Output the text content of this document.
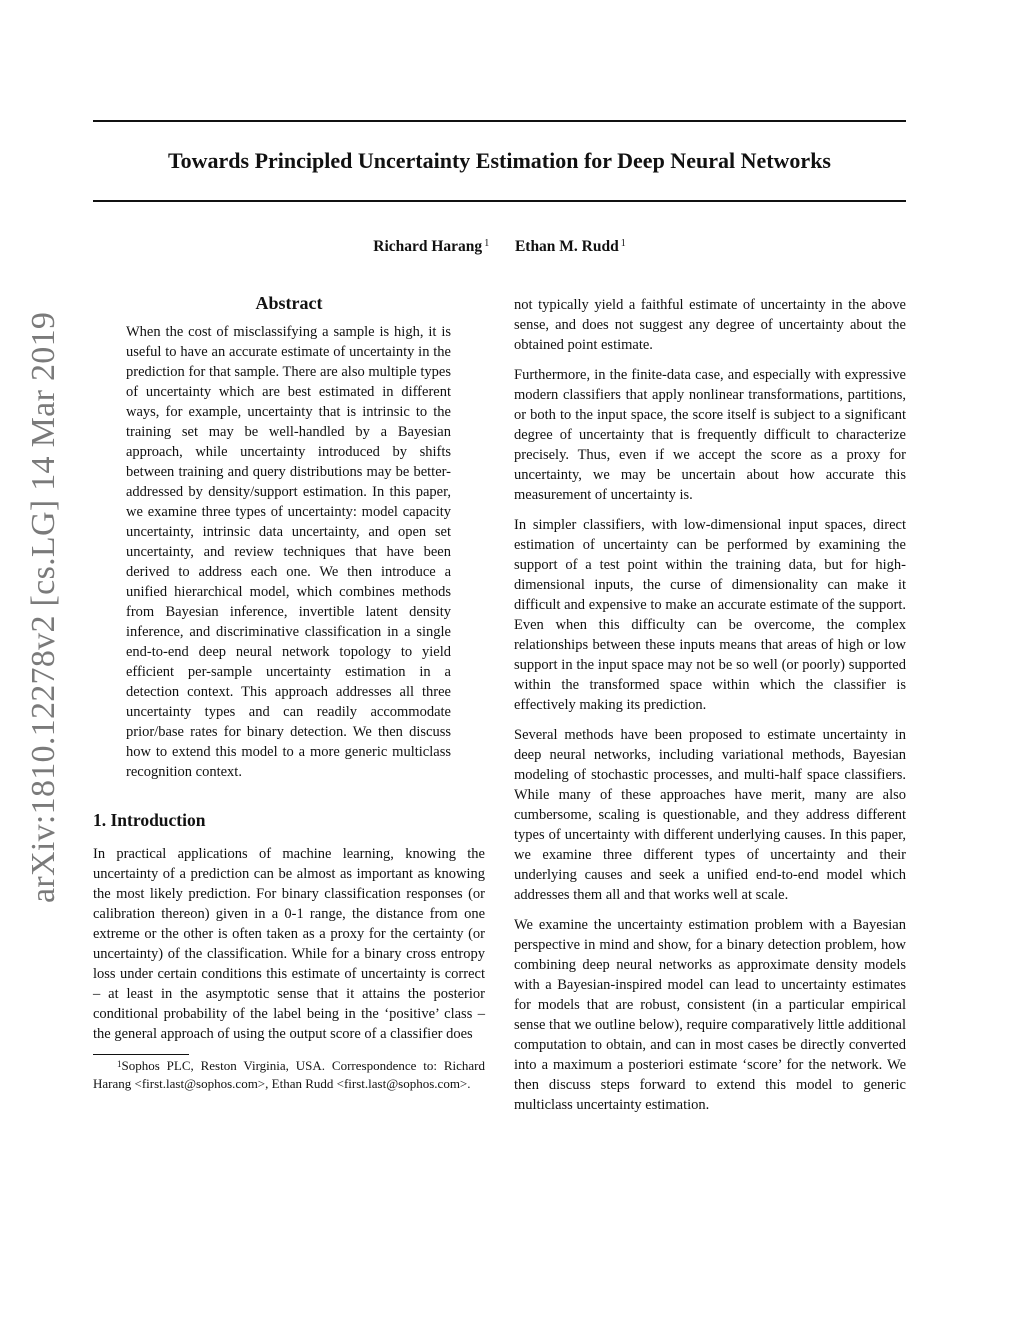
arXiv:1810.12278v2 [cs.LG] 14 Mar 2019
Towards Principled Uncertainty Estimation for Deep Neural Networks
Richard Harang $^1$ Ethan M. Rudd $^1$
Abstract

When the cost of misclassifying a sample is high, it is useful to have an accurate estimate of uncertainty in the prediction for that sample. There are also multiple types of uncertainty which are best estimated in different ways, for example, uncertainty that is intrinsic to the training set may be well-handled by a Bayesian approach, while uncertainty introduced by shifts between training and query distributions may be better-addressed by density/support estimation. In this paper, we examine three types of uncertainty: model capacity uncertainty, intrinsic data uncertainty, and open set uncertainty, and review techniques that have been derived to address each one. We then introduce a unified hierarchical model, which combines methods from Bayesian inference, invertible latent density inference, and discriminative classification in a single end-to-end deep neural network topology to yield efficient per-sample uncertainty estimation in a detection context. This approach addresses all three uncertainty types and can readily accommodate prior/base rates for binary detection. We then discuss how to extend this model to a more generic multiclass recognition context.

1. Introduction

In practical applications of machine learning, knowing the uncertainty of a prediction can be almost as important as knowing the most likely prediction. For binary classification responses (or calibration thereon) given in a 0-1 range, the distance from one extreme or the other is often taken as a proxy for the certainty (or uncertainty) of the classification. While for a binary cross entropy loss under certain conditions this estimate of uncertainty is correct – at least in the asymptotic sense that it attains the posterior conditional probability of the label being in the ‘positive’ class – the general approach of using the output score of a classifier does

$^1$Sophos PLC, Reston Virginia, USA. Correspondence to: Richard Harang <first.last@sophos.com>, Ethan Rudd <first.last@sophos.com>.

not typically yield a faithful estimate of uncertainty in the above sense, and does not suggest any degree of uncertainty about the obtained point estimate.

Furthermore, in the finite-data case, and especially with expressive modern classifiers that apply nonlinear transformations, partitions, or both to the input space, the score itself is subject to a significant degree of uncertainty that is frequently difficult to characterize precisely. Thus, even if we accept the score as a proxy for uncertainty, we may be uncertain about how accurate this measurement of uncertainty is.

In simpler classifiers, with low-dimensional input spaces, direct estimation of uncertainty can be performed by examining the support of a test point within the training data, but for high-dimensional inputs, the curse of dimensionality can make it difficult and expensive to make an accurate estimate of the support. Even when this difficulty can be overcome, the complex relationships between these inputs means that areas of high or low support in the input space may not be so well (or poorly) supported within the transformed space within which the classifier is effectively making its prediction.

Several methods have been proposed to estimate uncertainty in deep neural networks, including variational methods, Bayesian modeling of stochastic processes, and multi-half space classifiers. While many of these approaches have merit, many are also cumbersome, scaling is questionable, and they address different types of uncertainty with different underlying causes. In this paper, we examine three different types of uncertainty and their underlying causes and seek a unified end-to-end model which addresses them all and that works well at scale.

We examine the uncertainty estimation problem with a Bayesian perspective in mind and show, for a binary detection problem, how combining deep neural networks as approximate density models with a Bayesian-inspired model can lead to uncertainty estimates for models that are robust, consistent (in a particular empirical sense that we outline below), require comparatively little additional computation to obtain, and can in most cases be directly converted into a maximum a posteriori estimate ‘score’ for the network. We then discuss steps forward to extend this model to generic multiclass uncertainty estimation.
